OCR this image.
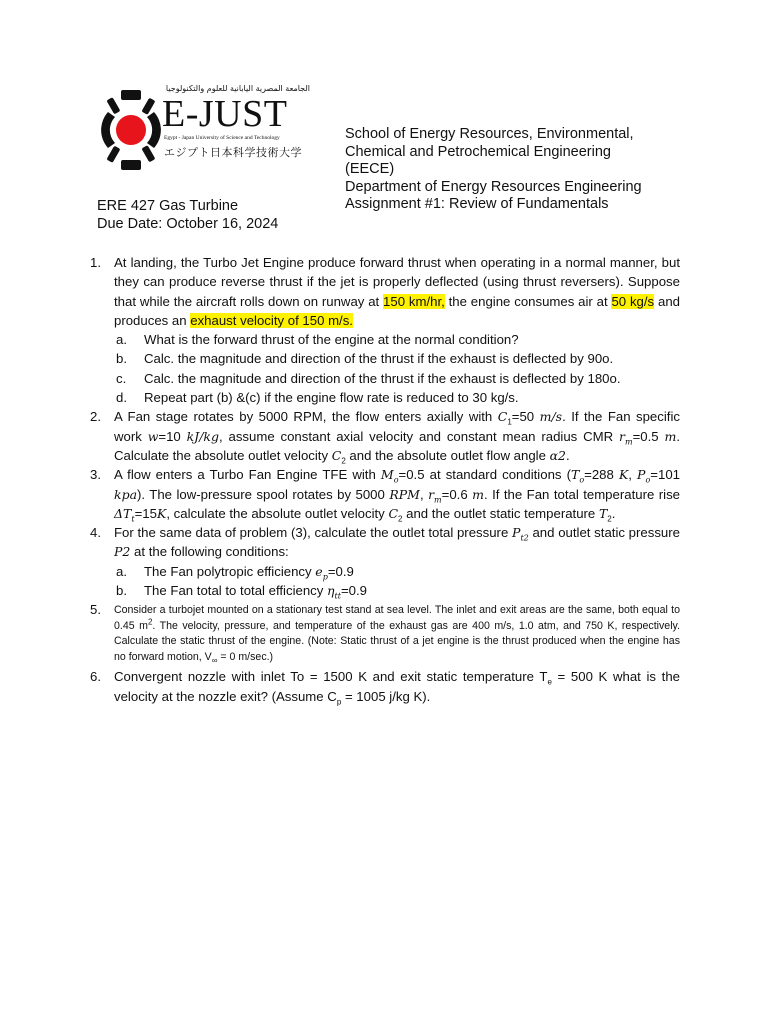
الجامعة المصرية اليابانية للعلوم والتكنولوجيا
E-JUST
Egypt - Japan University of Science and Technology
エジプト日本科学技術大学
School of Energy Resources, Environmental,
Chemical and Petrochemical Engineering
(EECE)
Department of Energy Resources Engineering
Assignment #1: Review of Fundamentals
ERE 427 Gas Turbine
Due Date: October 16, 2024
1. At landing, the Turbo Jet Engine produce forward thrust when operating in a normal manner, but they can produce reverse thrust if the jet is properly deflected (using thrust reversers). Suppose that while the aircraft rolls down on runway at 150 km/hr, the engine consumes air at 50 kg/s and produces an exhaust velocity of 150 m/s.
a. What is the forward thrust of the engine at the normal condition?
b. Calc. the magnitude and direction of the thrust if the exhaust is deflected by 90o.
c. Calc. the magnitude and direction of the thrust if the exhaust is deflected by 180o.
d. Repeat part (b) &(c) if the engine flow rate is reduced to 30 kg/s.
2. A Fan stage rotates by 5000 RPM, the flow enters axially with $C_1=50$ m/s. If the Fan specific work w=10 kJ/kg, assume constant axial velocity and constant mean radius CMR $r_m=0.5$ m. Calculate the absolute outlet velocity $C_2$ and the absolute outlet flow angle α2.
3. A flow enters a Turbo Fan Engine TFE with $M_o=0.5$ at standard conditions ($T_o=288$ K, $P_o=101$ kpa). The low-pressure spool rotates by 5000 RPM, $r_m=0.6$ m. If the Fan total temperature rise $\Delta T_t=15K$, calculate the absolute outlet velocity $C_2$ and the outlet static temperature $T_2$.
4. For the same data of problem (3), calculate the outlet total pressure $P_{t2}$ and outlet static pressure P2 at the following conditions:
a. The Fan polytropic efficiency $e_p=0.9$
b. The Fan total to total efficiency $\eta_{tt}=0.9$
5. Consider a turbojet mounted on a stationary test stand at sea level. The inlet and exit areas are the same, both equal to 0.45 $m^2$. The velocity, pressure, and temperature of the exhaust gas are 400 m/s, 1.0 atm, and 750 K, respectively. Calculate the static thrust of the engine. (Note: Static thrust of a jet engine is the thrust produced when the engine has no forward motion, $V_\infty = 0$ m/sec.)
6. Convergent nozzle with inlet To = 1500 K and exit static temperature $T_e = 500$ K what is the velocity at the nozzle exit? (Assume $C_p = 1005$ j/kg K).
